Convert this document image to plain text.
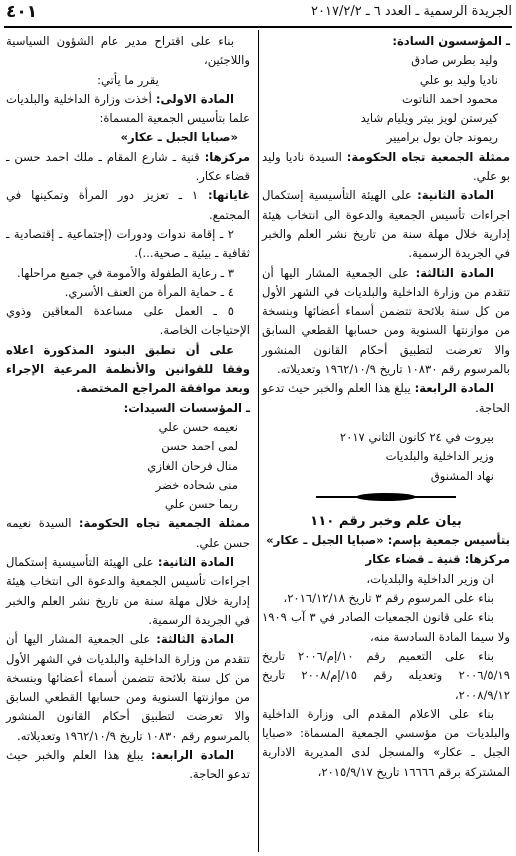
الجريدة الرسمية ـ العدد ٦ ـ ٢٠١٧/٢/٢
٤٠١

ـ المؤسسون السادة:

وليد بطرس صادق

ناديا وليد بو علي

محمود احمد الناتوت

كيرستن لويز بيتر ويليام شايد

ريموند جان بول براميير

ممثلة الجمعية تجاه الحكومة: السيدة ناديا وليد بو علي.

المادة الثانية: على الهيئة التأسيسية إستكمال اجراءات تأسيس الجمعية والدعوة الى انتخاب هيئة إدارية خلال مهلة سنة من تاريخ نشر العلم والخبر في الجريدة الرسمية.

المادة الثالثة: على الجمعية المشار اليها أن تتقدم من وزارة الداخلية والبلديات في الشهر الأول من كل سنة بلائحة تتضمن أسماء أعضائها وبنسخة من موازنتها السنوية ومن حسابها القطعي السابق والا تعرضت لتطبيق أحكام القانون المنشور بالمرسوم رقم ١٠٨٣٠ تاريخ ١٩٦٢/١٠/٩ وتعديلاته.

المادة الرابعة: يبلغ هذا العلم والخبر حيث تدعو الحاجة.

بيروت في ٢٤ كانون الثاني ٢٠١٧

وزير الداخلية والبلديات

نهاد المشنوق

بيان علم وخبر رقم ١١٠

بتأسيس جمعية بإسم: «صبايا الجبل ـ عكار»

مركزها: قنية ـ قضاء عكار

ان وزير الداخلية والبلديات،

بناء على المرسوم رقم ٣ تاريخ ٢٠١٦/١٢/١٨،

بناء على قانون الجمعيات الصادر في ٣ آب ١٩٠٩ ولا سيما المادة السادسة منه،

بناء على التعميم رقم ١٠/إم/٢٠٠٦ تاريخ ٢٠٠٦/٥/١٩ وتعديله رقم ١٥/إم/٢٠٠٨ تاريخ ٢٠٠٨/٩/١٢،

بناء على الاعلام المقدم الى وزارة الداخلية والبلديات من مؤسسي الجمعية المسماة: «صبايا الجبل ـ عكار» والمسجل لدى المديرية الادارية المشتركة برقم ١٦٦٦٦ تاريخ ٢٠١٥/٩/١٧،

بناء على اقتراح مدير عام الشؤون السياسية واللاجئين،

يقرر ما يأتي:

المادة الاولى: أخذت وزارة الداخلية والبلديات علما بتأسيس الجمعية المسماة:

«صبايا الجبل ـ عكار»

مركزها: قنية ـ شارع المقام ـ ملك احمد حسن ـ قضاء عكار.

غاياتها: ١ ـ تعزيز دور المرأة وتمكينها في المجتمع.

٢ ـ إقامة ندوات ودورات (إجتماعية ـ إقتصادية ـ ثقافية ـ بيئية ـ صحية...).

٣ ـ رعاية الطفولة والأمومة في جميع مراحلها.

٤ ـ حماية المرأة من العنف الأسري.

٥ ـ العمل على مساعدة المعاقين وذوي الإحتياجات الخاصة.

على أن تطبق البنود المذكورة اعلاه وفقا للقوانين والأنظمة المرعية الإجراء وبعد موافقة المراجع المختصة.

ـ المؤسسات السيدات:

نعيمه حسن علي

لمى احمد حسن

منال فرحان الغازي

منى شحاده خضر

ريما حسن علي

ممثلة الجمعية تجاه الحكومة: السيدة نعيمه حسن علي.

المادة الثانية: على الهيئة التأسيسية إستكمال اجراءات تأسيس الجمعية والدعوة الى انتخاب هيئة إدارية خلال مهلة سنة من تاريخ نشر العلم والخبر في الجريدة الرسمية.

المادة الثالثة: على الجمعية المشار اليها أن تتقدم من وزارة الداخلية والبلديات في الشهر الأول من كل سنة بلائحة تتضمن أسماء أعضائها وبنسخة من موازنتها السنوية ومن حسابها القطعي السابق والا تعرضت لتطبيق أحكام القانون المنشور بالمرسوم رقم ١٠٨٣٠ تاريخ ١٩٦٢/١٠/٩ وتعديلاته.

المادة الرابعة: يبلغ هذا العلم والخبر حيث تدعو الحاجة.
